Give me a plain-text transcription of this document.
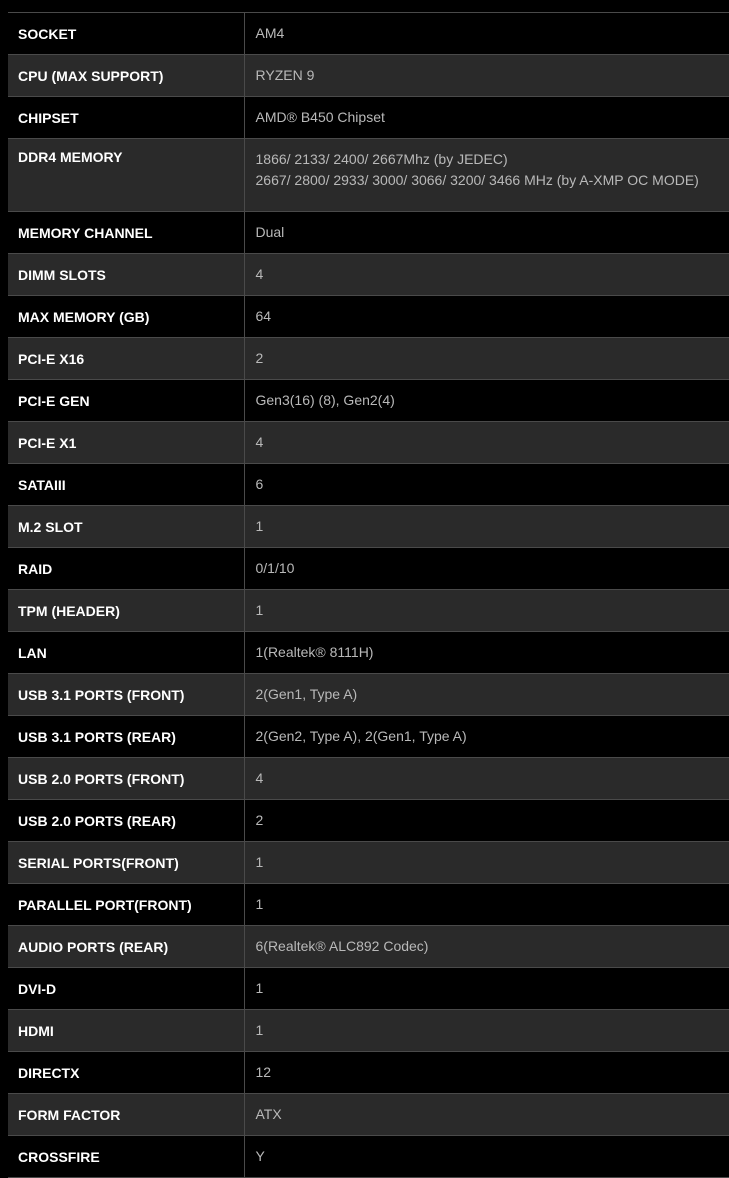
SOCKET	AM4
CPU (MAX SUPPORT)	RYZEN 9
CHIPSET	AMD® B450 Chipset
DDR4 MEMORY	1866/ 2133/ 2400/ 2667Mhz (by JEDEC)
2667/ 2800/ 2933/ 3000/ 3066/ 3200/ 3466 MHz (by A-XMP OC MODE)

MEMORY CHANNEL	Dual
DIMM SLOTS	4
MAX MEMORY (GB)	64
PCI-E X16	2
PCI-E GEN	Gen3(16) (8), Gen2(4)
PCI-E X1	4
SATAIII	6
M.2 SLOT	1
RAID	0/1/10
TPM (HEADER)	1
LAN	1(Realtek® 8111H)
USB 3.1 PORTS (FRONT)	2(Gen1, Type A)
USB 3.1 PORTS (REAR)	2(Gen2, Type A), 2(Gen1, Type A)
USB 2.0 PORTS (FRONT)	4
USB 2.0 PORTS (REAR)	2
SERIAL PORTS(FRONT)	1
PARALLEL PORT(FRONT)	1
AUDIO PORTS (REAR)	6(Realtek® ALC892 Codec)
DVI-D	1
HDMI	1
DIRECTX	12
FORM FACTOR	ATX
CROSSFIRE	Y
